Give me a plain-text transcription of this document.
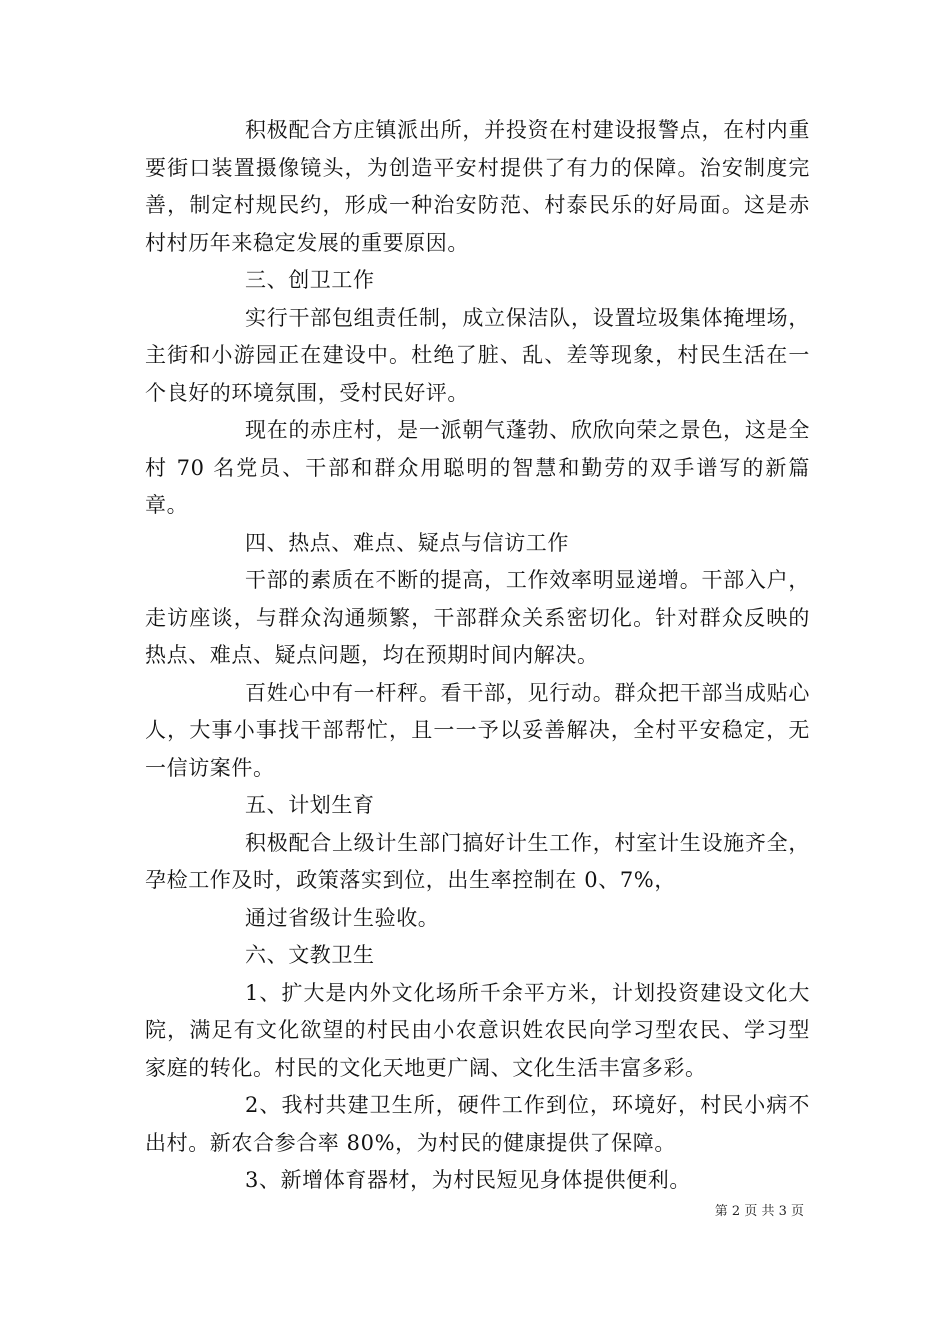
积极配合方庄镇派出所，并投资在村建设报警点，在村内重要街口装置摄像镜头，为创造平安村提供了有力的保障。治安制度完善，制定村规民约，形成一种治安防范、村泰民乐的好局面。这是赤村村历年来稳定发展的重要原因。

三、创卫工作

实行干部包组责任制，成立保洁队，设置垃圾集体掩埋场，主街和小游园正在建设中。杜绝了脏、乱、差等现象，村民生活在一个良好的环境氛围，受村民好评。

现在的赤庄村，是一派朝气蓬勃、欣欣向荣之景色，这是全村 70 名党员、干部和群众用聪明的智慧和勤劳的双手谱写的新篇章。

四、热点、难点、疑点与信访工作

干部的素质在不断的提高，工作效率明显递增。干部入户，走访座谈，与群众沟通频繁，干部群众关系密切化。针对群众反映的热点、难点、疑点问题，均在预期时间内解决。

百姓心中有一杆秤。看干部，见行动。群众把干部当成贴心人，大事小事找干部帮忙，且一一予以妥善解决，全村平安稳定，无一信访案件。

五、计划生育

积极配合上级计生部门搞好计生工作，村室计生设施齐全，孕检工作及时，政策落实到位，出生率控制在 0、7%，

通过省级计生验收。

六、文教卫生

1、扩大是内外文化场所千余平方米，计划投资建设文化大院，满足有文化欲望的村民由小农意识姓农民向学习型农民、学习型家庭的转化。村民的文化天地更广阔、文化生活丰富多彩。

2、我村共建卫生所，硬件工作到位，环境好，村民小病不出村。新农合参合率 80%，为村民的健康提供了保障。

3、新增体育器材，为村民短见身体提供便利。

第 2 页 共 3 页
